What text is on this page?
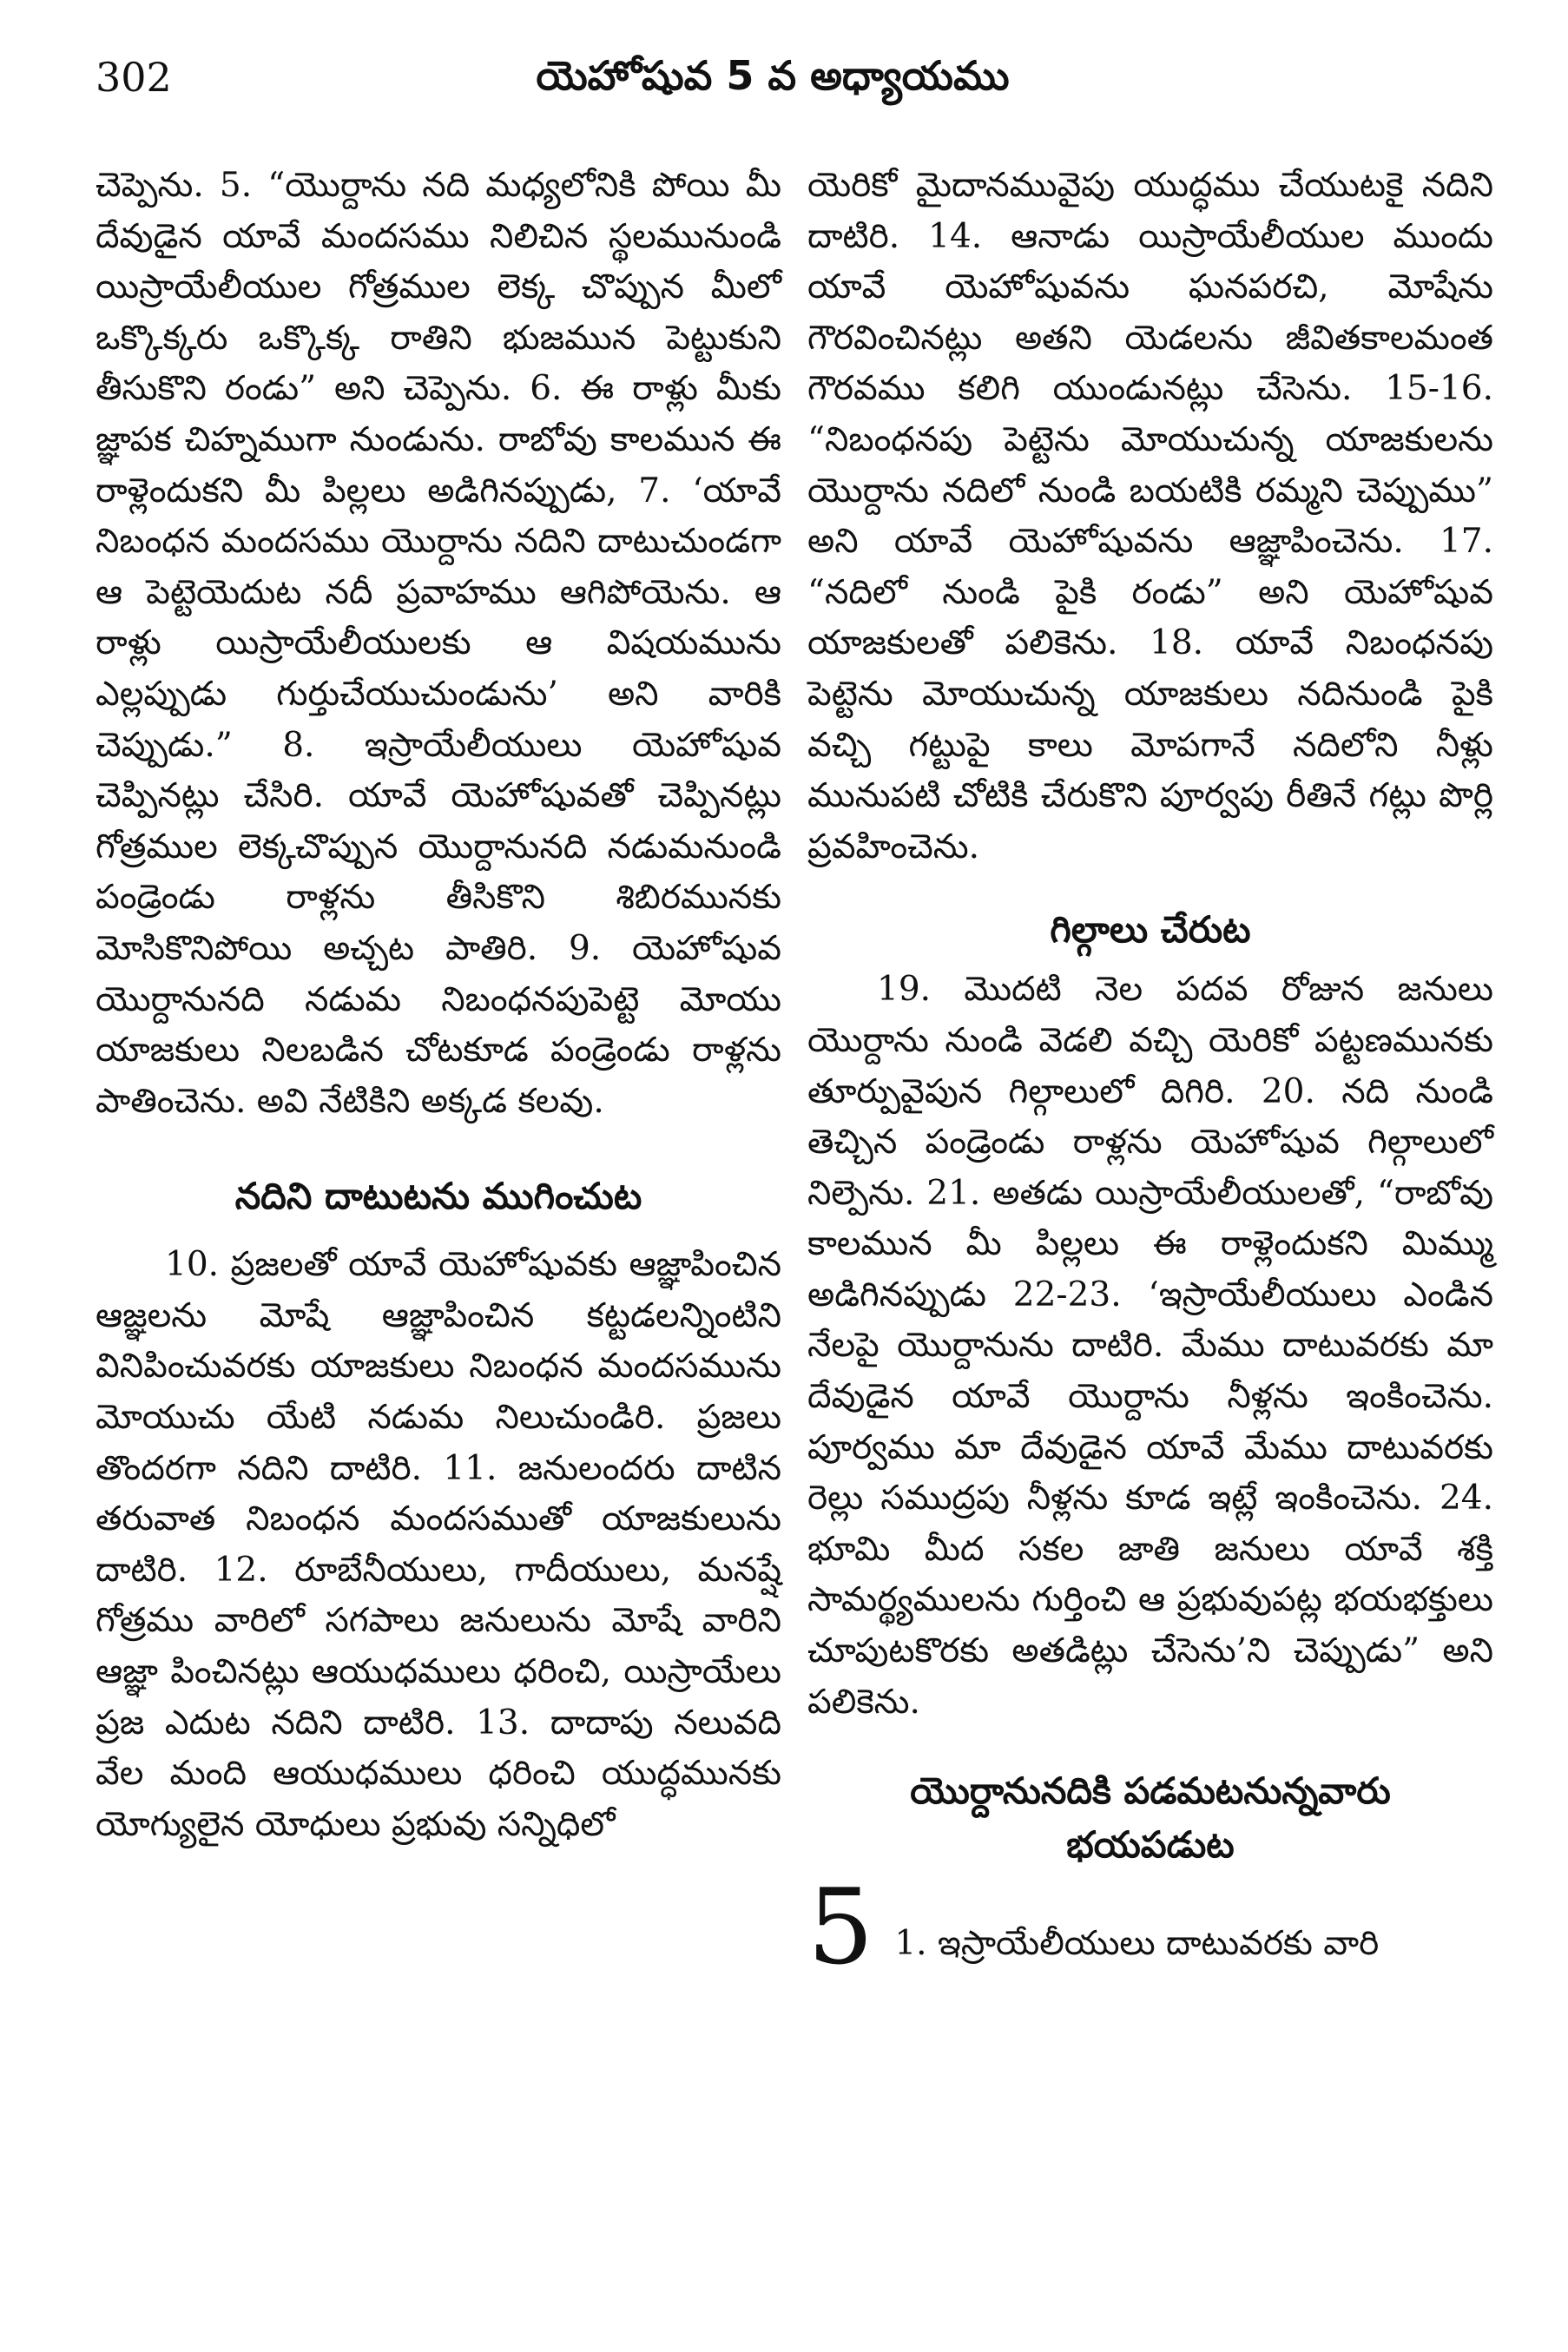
302	యెహోషువ 5 వ అధ్యాయము

చెప్పెను. 5. “యొర్దాను నది మధ్యలోనికి పోయి మీ దేవుడైన యావే మందసము నిలిచిన స్థలమునుండి యిస్రాయేలీయుల గోత్రముల లెక్క చొప్పున మీలో ఒక్కొక్కరు ఒక్కొక్క రాతిని భుజమున పెట్టుకుని తీసుకొని రండు” అని చెప్పెను. 6. ఈ రాళ్లు మీకు జ్ఞాపక చిహ్నముగా నుండును. రాబోవు కాలమున ఈ రాళ్లెందుకని మీ పిల్లలు అడిగినప్పుడు, 7. ‘యావే నిబంధన మందసము యొర్దాను నదిని దాటుచుండగా ఆ పెట్టెయెదుట నదీ ప్రవాహము ఆగిపోయెను. ఆ రాళ్లు యిస్రాయేలీయులకు ఆ విషయమును ఎల్లప్పుడు గుర్తుచేయుచుండును’ అని వారికి చెప్పుడు.” 8. ఇస్రాయేలీయులు యెహోషువ చెప్పినట్లు చేసిరి. యావే యెహోషువతో చెప్పినట్లు గోత్రముల లెక్కచొప్పున యొర్దానునది నడుమనుండి పండ్రెండు రాళ్లను తీసికొని శిబిరమునకు మోసికొనిపోయి అచ్చట పాతిరి. 9. యెహోషువ యొర్దానునది నడుమ నిబంధనపుపెట్టె మోయు యాజకులు నిలబడిన చోటకూడ పండ్రెండు రాళ్లను పాతించెను. అవి నేటికిని అక్కడ కలవు.

నదిని దాటుటను ముగించుట

10. ప్రజలతో యావే యెహోషువకు ఆజ్ఞాపించిన ఆజ్ఞలను మోషే ఆజ్ఞాపించిన కట్టడలన్నింటిని వినిపించువరకు యాజకులు నిబంధన మందసమును మోయుచు యేటి నడుమ నిలుచుండిరి. ప్రజలు తొందరగా నదిని దాటిరి. 11. జనులందరు దాటిన తరువాత నిబంధన మందసముతో యాజకులును దాటిరి. 12. రూబేనీయులు, గాదీయులు, మనష్షే గోత్రము వారిలో సగపాలు జనులును మోషే వారిని ఆజ్ఞా పించినట్లు ఆయుధములు ధరించి, యిస్రాయేలు ప్రజ ఎదుట నదిని దాటిరి. 13. దాదాపు నలువది వేల మంది ఆయుధములు ధరించి యుద్ధమునకు యోగ్యులైన యోధులు ప్రభువు సన్నిధిలో

యెరికో మైదానమువైపు యుద్ధము చేయుటకై నదిని దాటిరి. 14. ఆనాడు యిస్రాయేలీయుల ముందు యావే యెహోషువను ఘనపరచి, మోషేను గౌరవించినట్లు అతని యెడలను జీవితకాలమంత గౌరవము కలిగి యుండునట్లు చేసెను. 15-16. “నిబంధనపు పెట్టెను మోయుచున్న యాజకులను యొర్దాను నదిలో నుండి బయటికి రమ్మని చెప్పుము” అని యావే యెహోషువను ఆజ్ఞాపించెను. 17. “నదిలో నుండి పైకి రండు” అని యెహోషువ యాజకులతో పలికెను. 18. యావే నిబంధనపు పెట్టెను మోయుచున్న యాజకులు నదినుండి పైకి వచ్చి గట్టుపై కాలు మోపగానే నదిలోని నీళ్లు మునుపటి చోటికి చేరుకొని పూర్వపు రీతినే గట్లు పొర్లి ప్రవహించెను.

గిల్గాలు చేరుట

19. మొదటి నెల పదవ రోజున జనులు యొర్దాను నుండి వెడలి వచ్చి యెరికో పట్టణమునకు తూర్పువైపున గిల్గాలులో దిగిరి. 20. నది నుండి తెచ్చిన పండ్రెండు రాళ్లను యెహోషువ గిల్గాలులో నిల్పెను. 21. అతడు యిస్రాయేలీయులతో, “రాబోవు కాలమున మీ పిల్లలు ఈ రాళ్లెందుకని మిమ్ము అడిగినప్పుడు 22-23. ‘ఇస్రాయేలీయులు ఎండిన నేలపై యొర్దానును దాటిరి. మేము దాటువరకు మా దేవుడైన యావే యొర్దాను నీళ్లను ఇంకించెను. పూర్వము మా దేవుడైన యావే మేము దాటువరకు రెల్లు సముద్రపు నీళ్లను కూడ ఇట్లే ఇంకించెను. 24. భూమి మీద సకల జాతి జనులు యావే శక్తి సామర్థ్యములను గుర్తించి ఆ ప్రభువుపట్ల భయభక్తులు చూపుటకొరకు అతడిట్లు చేసెను’ని చెప్పుడు” అని పలికెను.

యొర్దానునదికి పడమటనున్నవారు
భయపడుట
5 1. ఇస్రాయేలీయులు దాటువరకు వారి
